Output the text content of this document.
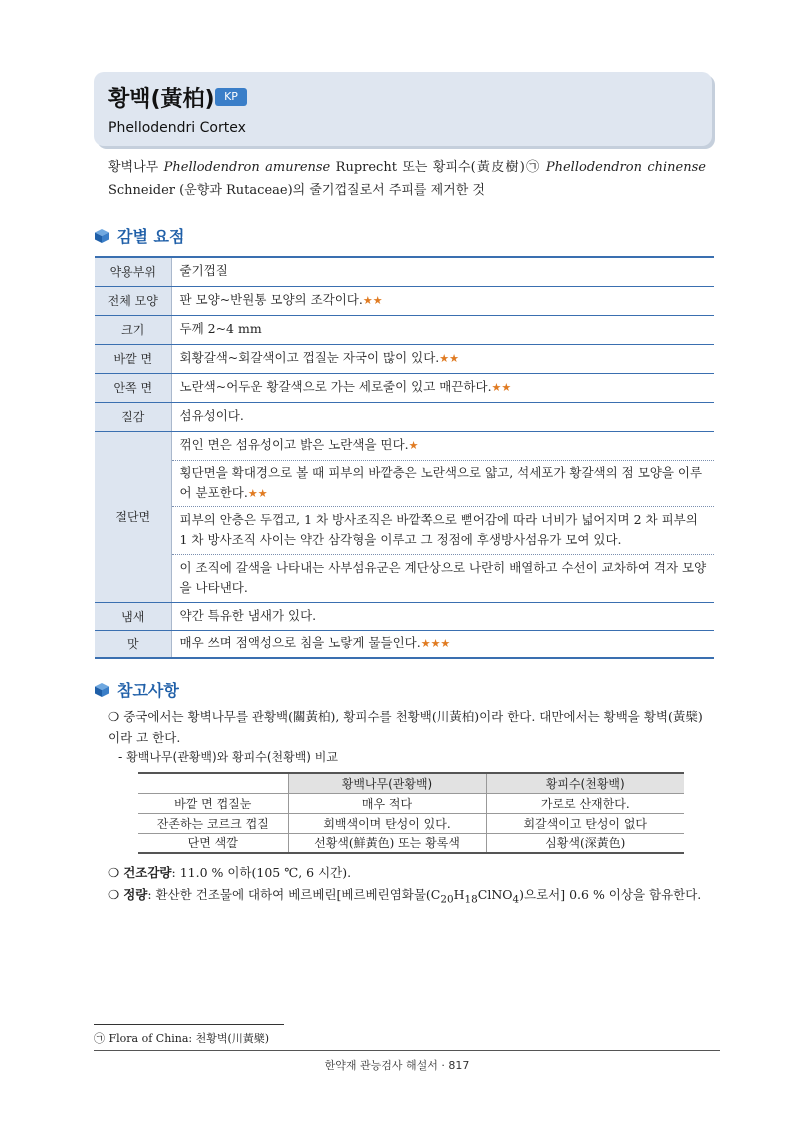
황백(黃柏) KP
Phellodendri Cortex
황벽나무 Phellodendron amurense Ruprecht 또는 황피수(黃皮樹)㉠ Phellodendron chinense Schneider (운향과 Rutaceae)의 줄기껍질로서 주피를 제거한 것
감별 요점
약용부위	줄기껍질
전체 모양	판 모양~반원통 모양의 조각이다.★★
크기	두께 2~4 mm
바깥 면	회황갈색~회갈색이고 껍질눈 자국이 많이 있다.★★
안쪽 면	노란색~어두운 황갈색으로 가는 세로줄이 있고 매끈하다.★★
질감	섬유성이다.
절단면	꺾인 면은 섬유성이고 밝은 노란색을 띤다.★
	횡단면을 확대경으로 볼 때 피부의 바깥층은 노란색으로 얇고, 석세포가 황갈색의 점 모양을 이루어 분포한다.★★
	피부의 안층은 두껍고, 1 차 방사조직은 바깥쪽으로 뻗어감에 따라 너비가 넓어지며 2 차 피부의 1 차 방사조직 사이는 약간 삼각형을 이루고 그 정점에 후생방사섬유가 모여 있다.
	이 조직에 갈색을 나타내는 사부섬유군은 계단상으로 나란히 배열하고 수선이 교차하여 격자 모양을 나타낸다.
냄새	약간 특유한 냄새가 있다.
맛	매우 쓰며 점액성으로 침을 노랗게 물들인다.★★★
참고사항
❍ 중국에서는 황벽나무를 관황백(關黃柏), 황피수를 천황백(川黃柏)이라 한다. 대만에서는 황백을 황벽(黃檗)이라 고 한다.
- 황백나무(관황백)와 황피수(천황백) 비교
	황백나무(관황백)	황피수(천황백)
바깥 면 껍질눈	매우 적다	가로로 산재한다.
잔존하는 코르크 껍질	회백색이며 탄성이 있다.	회갈색이고 탄성이 없다
단면 색깔	선황색(鮮黃色) 또는 황록색	심황색(深黃色)
❍ 건조감량: 11.0 % 이하(105 ℃, 6 시간).
❍ 정량: 환산한 건조물에 대하여 베르베린[베르베린염화물$(C_{20}H_{18}ClNO_4)$으로서] 0.6 % 이상을 함유한다.
㉠ Flora of China: 천황벽(川黃檗)
한약재 관능검사 해설서 · 817
